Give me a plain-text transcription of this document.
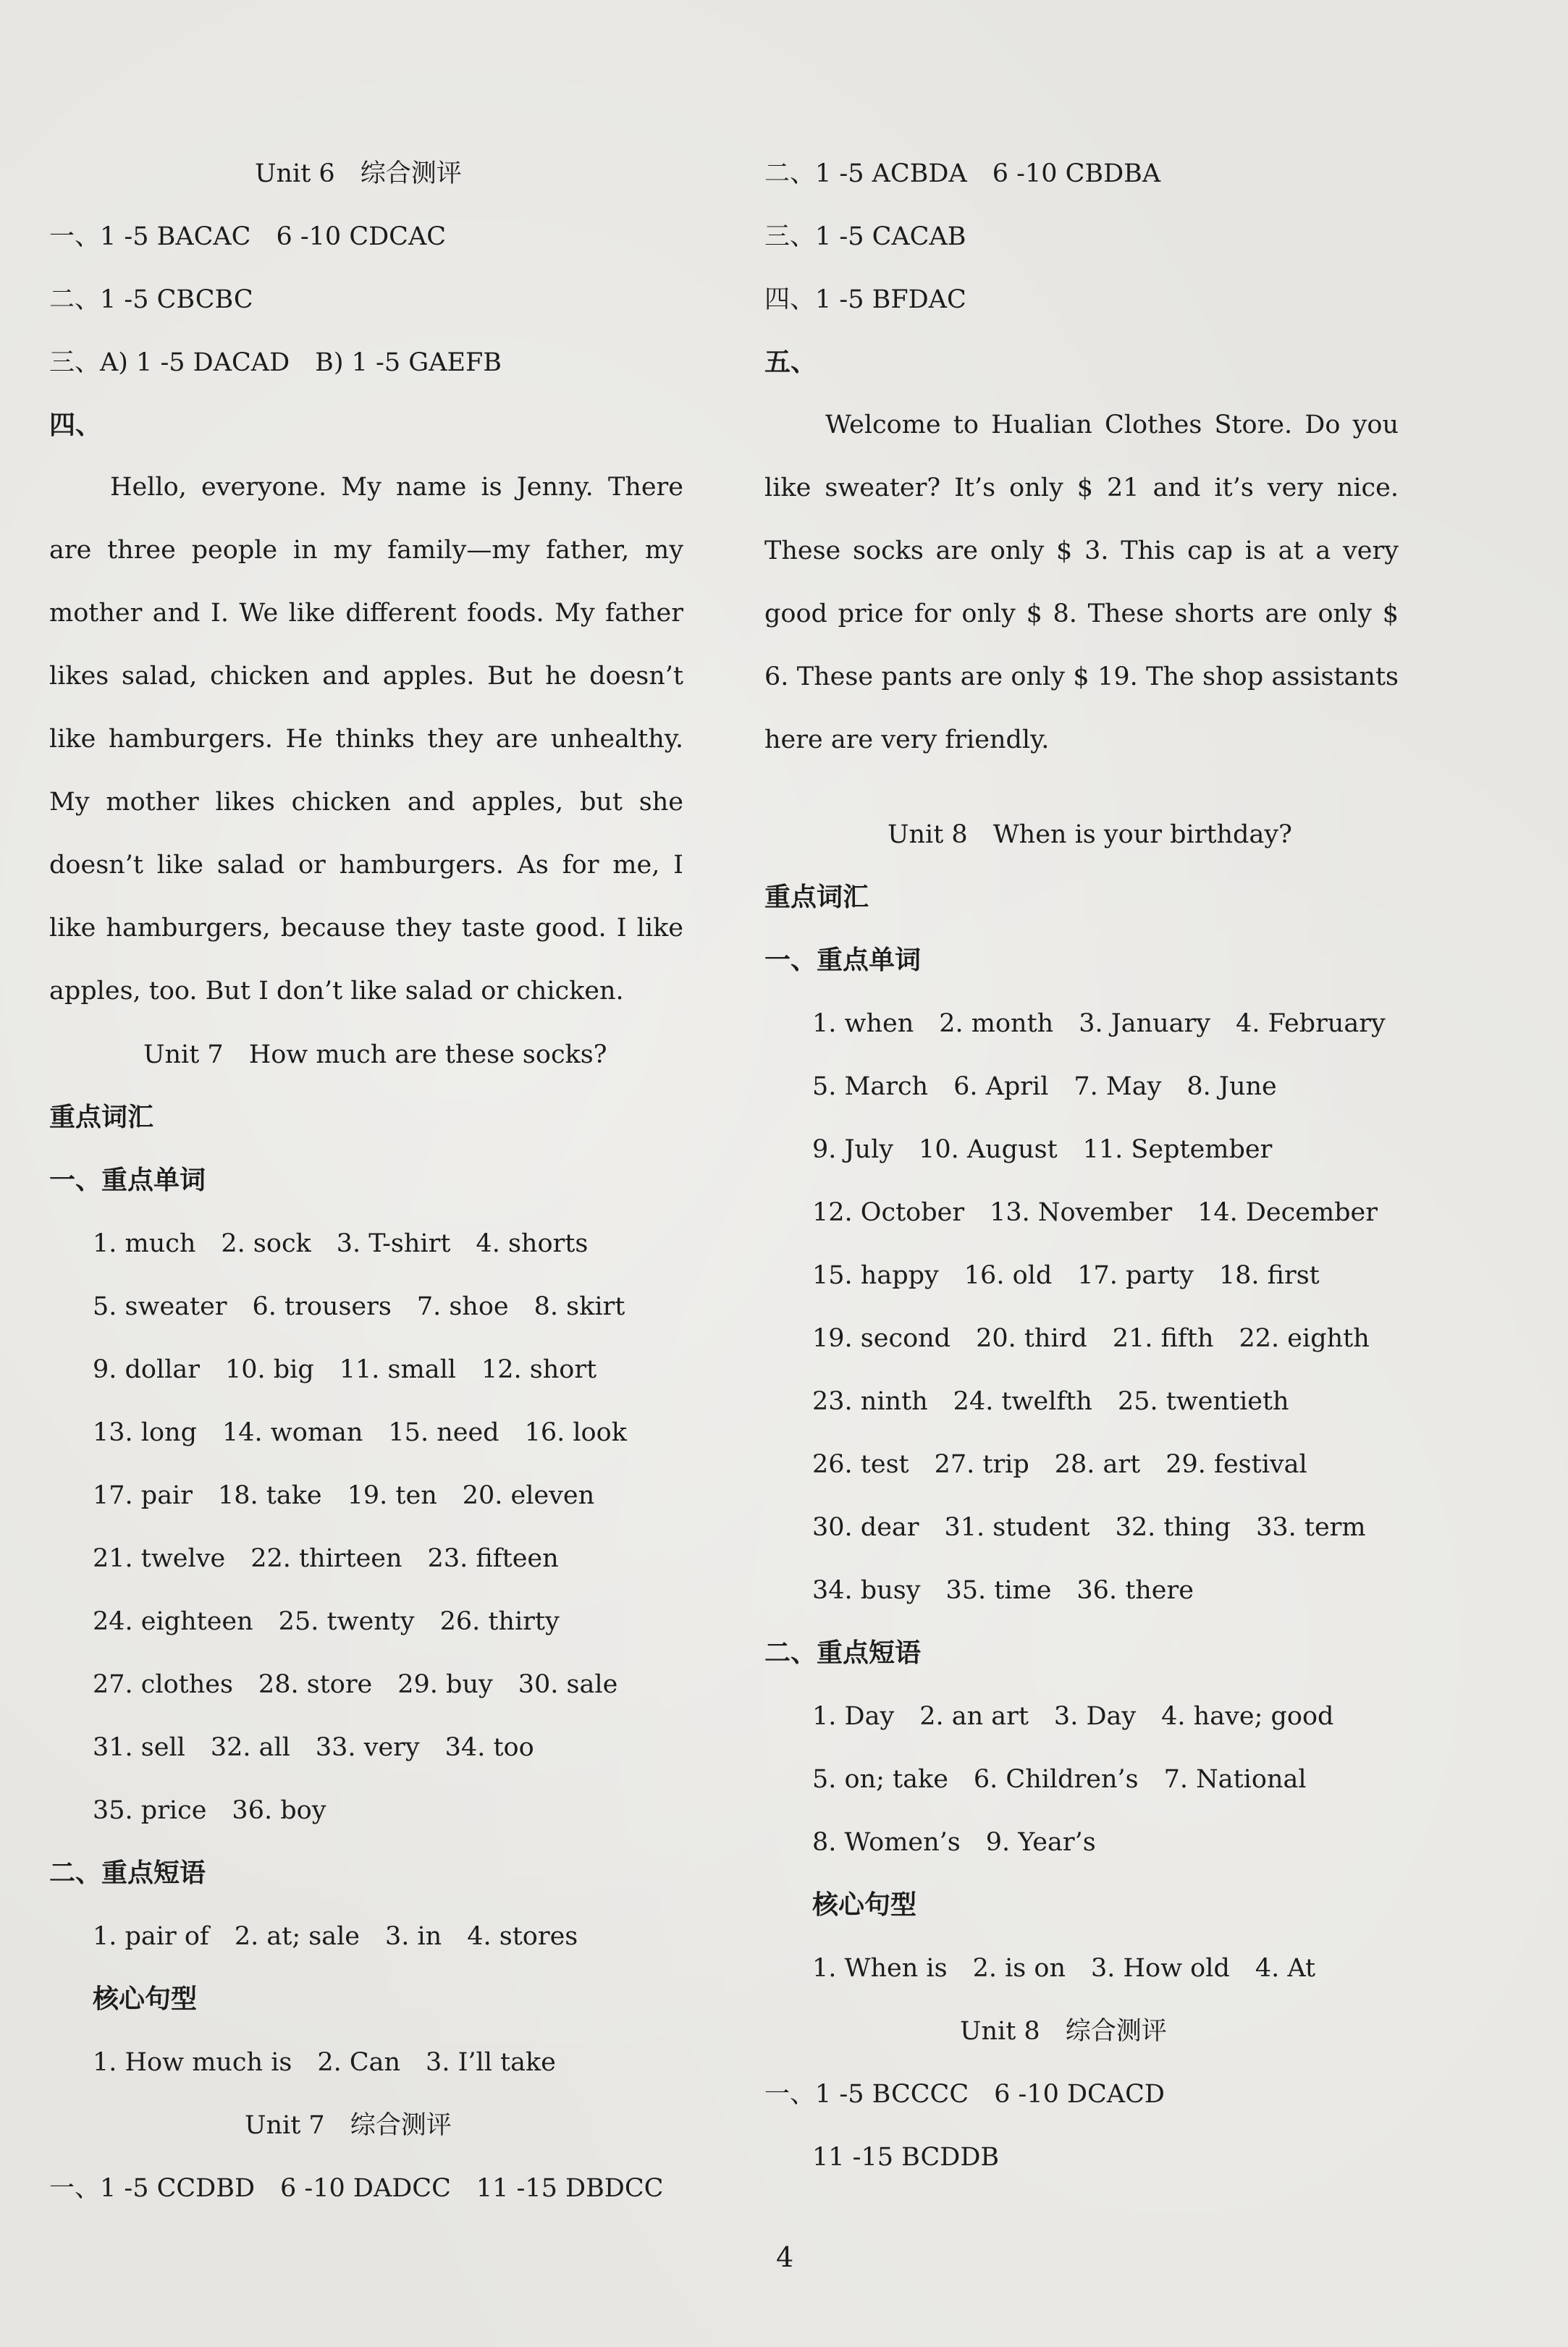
Unit 6　综合测评
一、1 -5 BACAC　6 -10 CDCAC
二、1 -5 CBCBC
三、A) 1 -5 DACAD　B) 1 -5 GAEFB
四、
Hello, everyone. My name is Jenny. There are three people in my family—my father, my mother and I. We like different foods. My father likes salad, chicken and apples. But he doesn’t like hamburgers. He thinks they are unhealthy. My mother likes chicken and apples, but she doesn’t like salad or hamburgers. As for me, I like hamburgers, because they taste good. I like apples, too. But I don’t like salad or chicken.
Unit 7　How much are these socks?
重点词汇
一、重点单词
1. much　2. sock　3. T-shirt　4. shorts
5. sweater　6. trousers　7. shoe　8. skirt
9. dollar　10. big　11. small　12. short
13. long　14. woman　15. need　16. look
17. pair　18. take　19. ten　20. eleven
21. twelve　22. thirteen　23. fifteen
24. eighteen　25. twenty　26. thirty
27. clothes　28. store　29. buy　30. sale
31. sell　32. all　33. very　34. too
35. price　36. boy
二、重点短语
1. pair of　2. at; sale　3. in　4. stores
核心句型
1. How much is　2. Can　3. I’ll take
Unit 7　综合测评
一、1 -5 CCDBD　6 -10 DADCC　11 -15 DBDCC
二、1 -5 ACBDA　6 -10 CBDBA
三、1 -5 CACAB
四、1 -5 BFDAC
五、
Welcome to Hualian Clothes Store. Do you like sweater? It’s only $ 21 and it’s very nice. These socks are only $ 3. This cap is at a very good price for only $ 8. These shorts are only $ 6. These pants are only $ 19. The shop assistants here are very friendly.
Unit 8　When is your birthday?
重点词汇
一、重点单词
1. when　2. month　3. January　4. February
5. March　6. April　7. May　8. June
9. July　10. August　11. September
12. October　13. November　14. December
15. happy　16. old　17. party　18. first
19. second　20. third　21. fifth　22. eighth
23. ninth　24. twelfth　25. twentieth
26. test　27. trip　28. art　29. festival
30. dear　31. student　32. thing　33. term
34. busy　35. time　36. there
二、重点短语
1. Day　2. an art　3. Day　4. have; good
5. on; take　6. Children’s　7. National
8. Women’s　9. Year’s
核心句型
1. When is　2. is on　3. How old　4. At
Unit 8　综合测评
一、1 -5 BCCCC　6 -10 DCACD
11 -15 BCDDB
4
